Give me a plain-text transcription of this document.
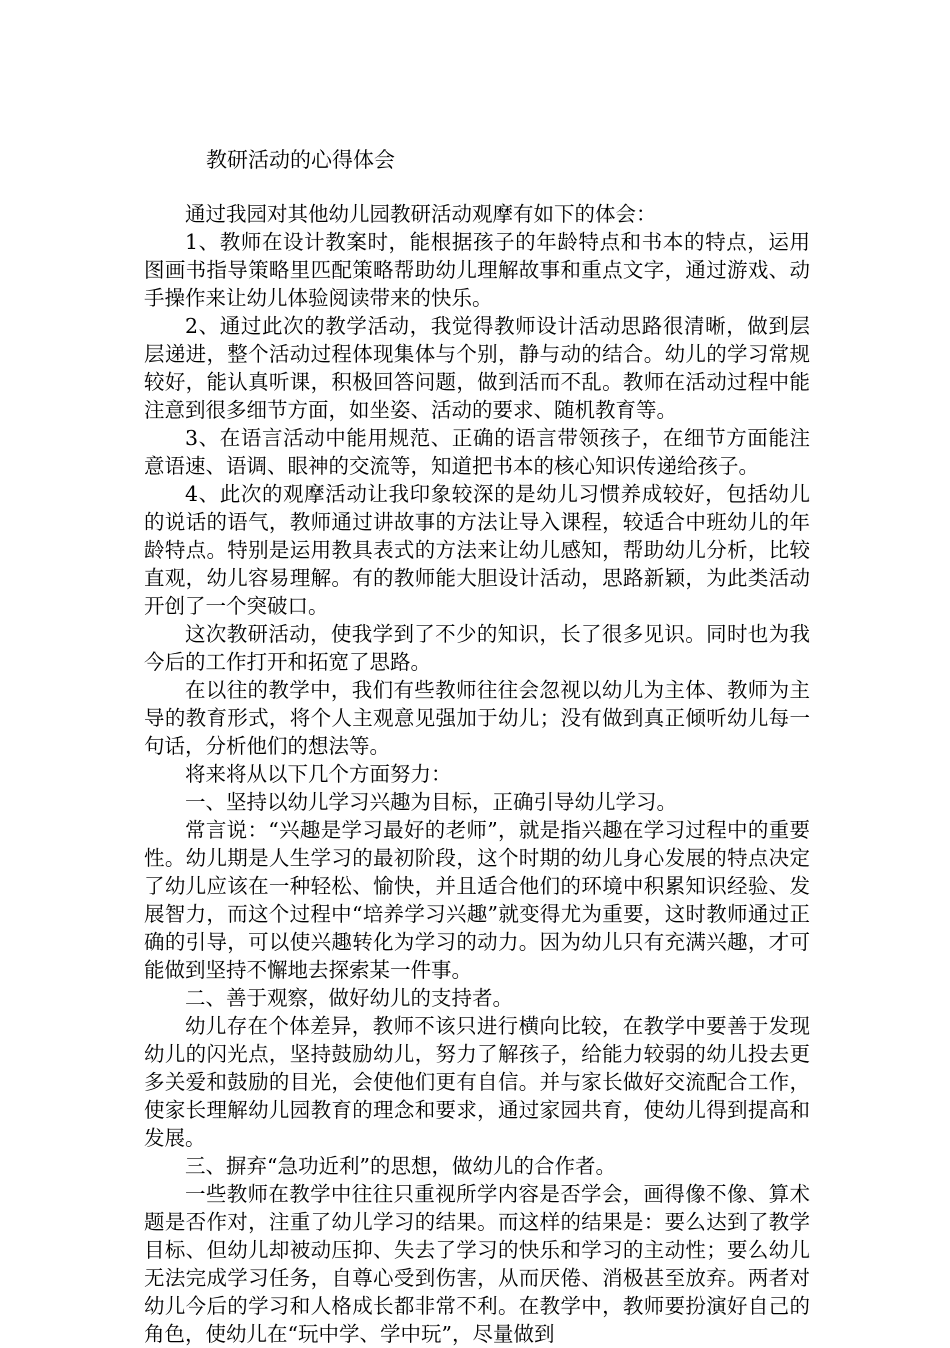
教研活动的心得体会

通过我园对其他幼儿园教研活动观摩有如下的体会：

1、教师在设计教案时，能根据孩子的年龄特点和书本的特点，运用图画书指导策略里匹配策略帮助幼儿理解故事和重点文字，通过游戏、动手操作来让幼儿体验阅读带来的快乐。

2、通过此次的教学活动，我觉得教师设计活动思路很清晰，做到层层递进，整个活动过程体现集体与个别，静与动的结合。幼儿的学习常规较好，能认真听课，积极回答问题，做到活而不乱。教师在活动过程中能注意到很多细节方面，如坐姿、活动的要求、随机教育等。

3、在语言活动中能用规范、正确的语言带领孩子，在细节方面能注意语速、语调、眼神的交流等，知道把书本的核心知识传递给孩子。

4、此次的观摩活动让我印象较深的是幼儿习惯养成较好，包括幼儿的说话的语气，教师通过讲故事的方法让导入课程，较适合中班幼儿的年龄特点。特别是运用教具表式的方法来让幼儿感知，帮助幼儿分析，比较直观，幼儿容易理解。有的教师能大胆设计活动，思路新颖，为此类活动开创了一个突破口。

这次教研活动，使我学到了不少的知识，长了很多见识。同时也为我今后的工作打开和拓宽了思路。

在以往的教学中，我们有些教师往往会忽视以幼儿为主体、教师为主导的教育形式，将个人主观意见强加于幼儿；没有做到真正倾听幼儿每一句话，分析他们的想法等。

将来将从以下几个方面努力：

一、坚持以幼儿学习兴趣为目标，正确引导幼儿学习。

常言说：“兴趣是学习最好的老师”，就是指兴趣在学习过程中的重要性。幼儿期是人生学习的最初阶段，这个时期的幼儿身心发展的特点决定了幼儿应该在一种轻松、愉快，并且适合他们的环境中积累知识经验、发展智力，而这个过程中“培养学习兴趣”就变得尤为重要，这时教师通过正确的引导，可以使兴趣转化为学习的动力。因为幼儿只有充满兴趣，才可能做到坚持不懈地去探索某一件事。

二、善于观察，做好幼儿的支持者。

幼儿存在个体差异，教师不该只进行横向比较，在教学中要善于发现幼儿的闪光点，坚持鼓励幼儿，努力了解孩子，给能力较弱的幼儿投去更多关爱和鼓励的目光，会使他们更有自信。并与家长做好交流配合工作，使家长理解幼儿园教育的理念和要求，通过家园共育，使幼儿得到提高和发展。

三、摒弃“急功近利”的思想，做幼儿的合作者。

一些教师在教学中往往只重视所学内容是否学会，画得像不像、算术题是否作对，注重了幼儿学习的结果。而这样的结果是：要么达到了教学目标、但幼儿却被动压抑、失去了学习的快乐和学习的主动性；要么幼儿无法完成学习任务，自尊心受到伤害，从而厌倦、消极甚至放弃。两者对幼儿今后的学习和人格成长都非常不利。在教学中，教师要扮演好自己的角色，使幼儿在“玩中学、学中玩”，尽量做到
